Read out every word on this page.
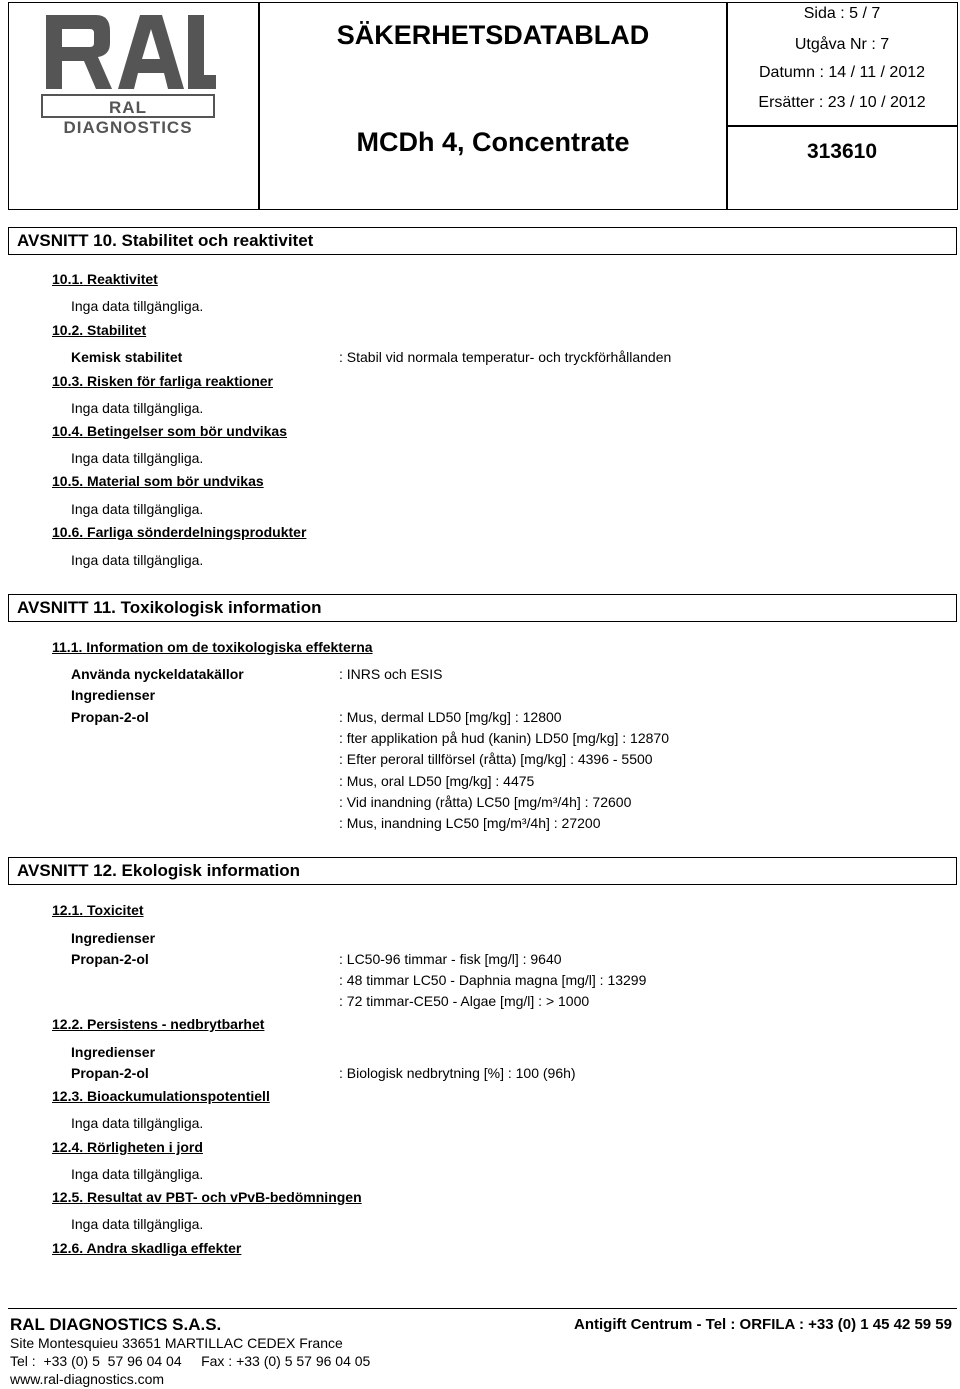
RAL DIAGNOSTICS
SÄKERHETSDATABLAD
MCDh 4, Concentrate
Sida : 5 / 7
Utgåva Nr : 7
Datumn : 14 / 11 / 2012
Ersätter : 23 / 10 / 2012
313610
AVSNITT 10. Stabilitet och reaktivitet
10.1. Reaktivitet
Inga data tillgängliga.
10.2. Stabilitet
Kemisk stabilitet	: Stabil vid normala temperatur- och tryckförhållanden
10.3. Risken för farliga reaktioner
Inga data tillgängliga.
10.4. Betingelser som bör undvikas
Inga data tillgängliga.
10.5. Material som bör undvikas
Inga data tillgängliga.
10.6. Farliga sönderdelningsprodukter
Inga data tillgängliga.
AVSNITT 11. Toxikologisk information
11.1. Information om de toxikologiska effekterna
Använda nyckeldatakällor	: INRS och ESIS
Ingredienser
Propan-2-ol	: Mus, dermal LD50 [mg/kg] : 12800
: fter applikation på hud (kanin) LD50 [mg/kg] : 12870
: Efter peroral tillförsel (råtta) [mg/kg] : 4396 - 5500
: Mus, oral LD50 [mg/kg] : 4475
: Vid inandning (råtta) LC50 [mg/m³/4h] : 72600
: Mus, inandning LC50 [mg/m³/4h] : 27200
AVSNITT 12. Ekologisk information
12.1. Toxicitet
Ingredienser
Propan-2-ol	: LC50-96 timmar - fisk [mg/l] : 9640
: 48 timmar LC50 - Daphnia magna [mg/l] : 13299
: 72 timmar-CE50 - Algae [mg/l] : > 1000
12.2. Persistens - nedbrytbarhet
Ingredienser
Propan-2-ol	: Biologisk nedbrytning [%] : 100 (96h)
12.3. Bioackumulationspotentiell
Inga data tillgängliga.
12.4. Rörligheten i jord
Inga data tillgängliga.
12.5. Resultat av PBT- och vPvB-bedömningen
Inga data tillgängliga.
12.6. Andra skadliga effekter
RAL DIAGNOSTICS S.A.S.	Antigift Centrum - Tel : ORFILA : +33 (0) 1 45 42 59 59
Site Montesquieu 33651 MARTILLAC CEDEX France
Tel :  +33 (0) 5  57 96 04 04     Fax : +33 (0) 5 57 96 04 05
www.ral-diagnostics.com
